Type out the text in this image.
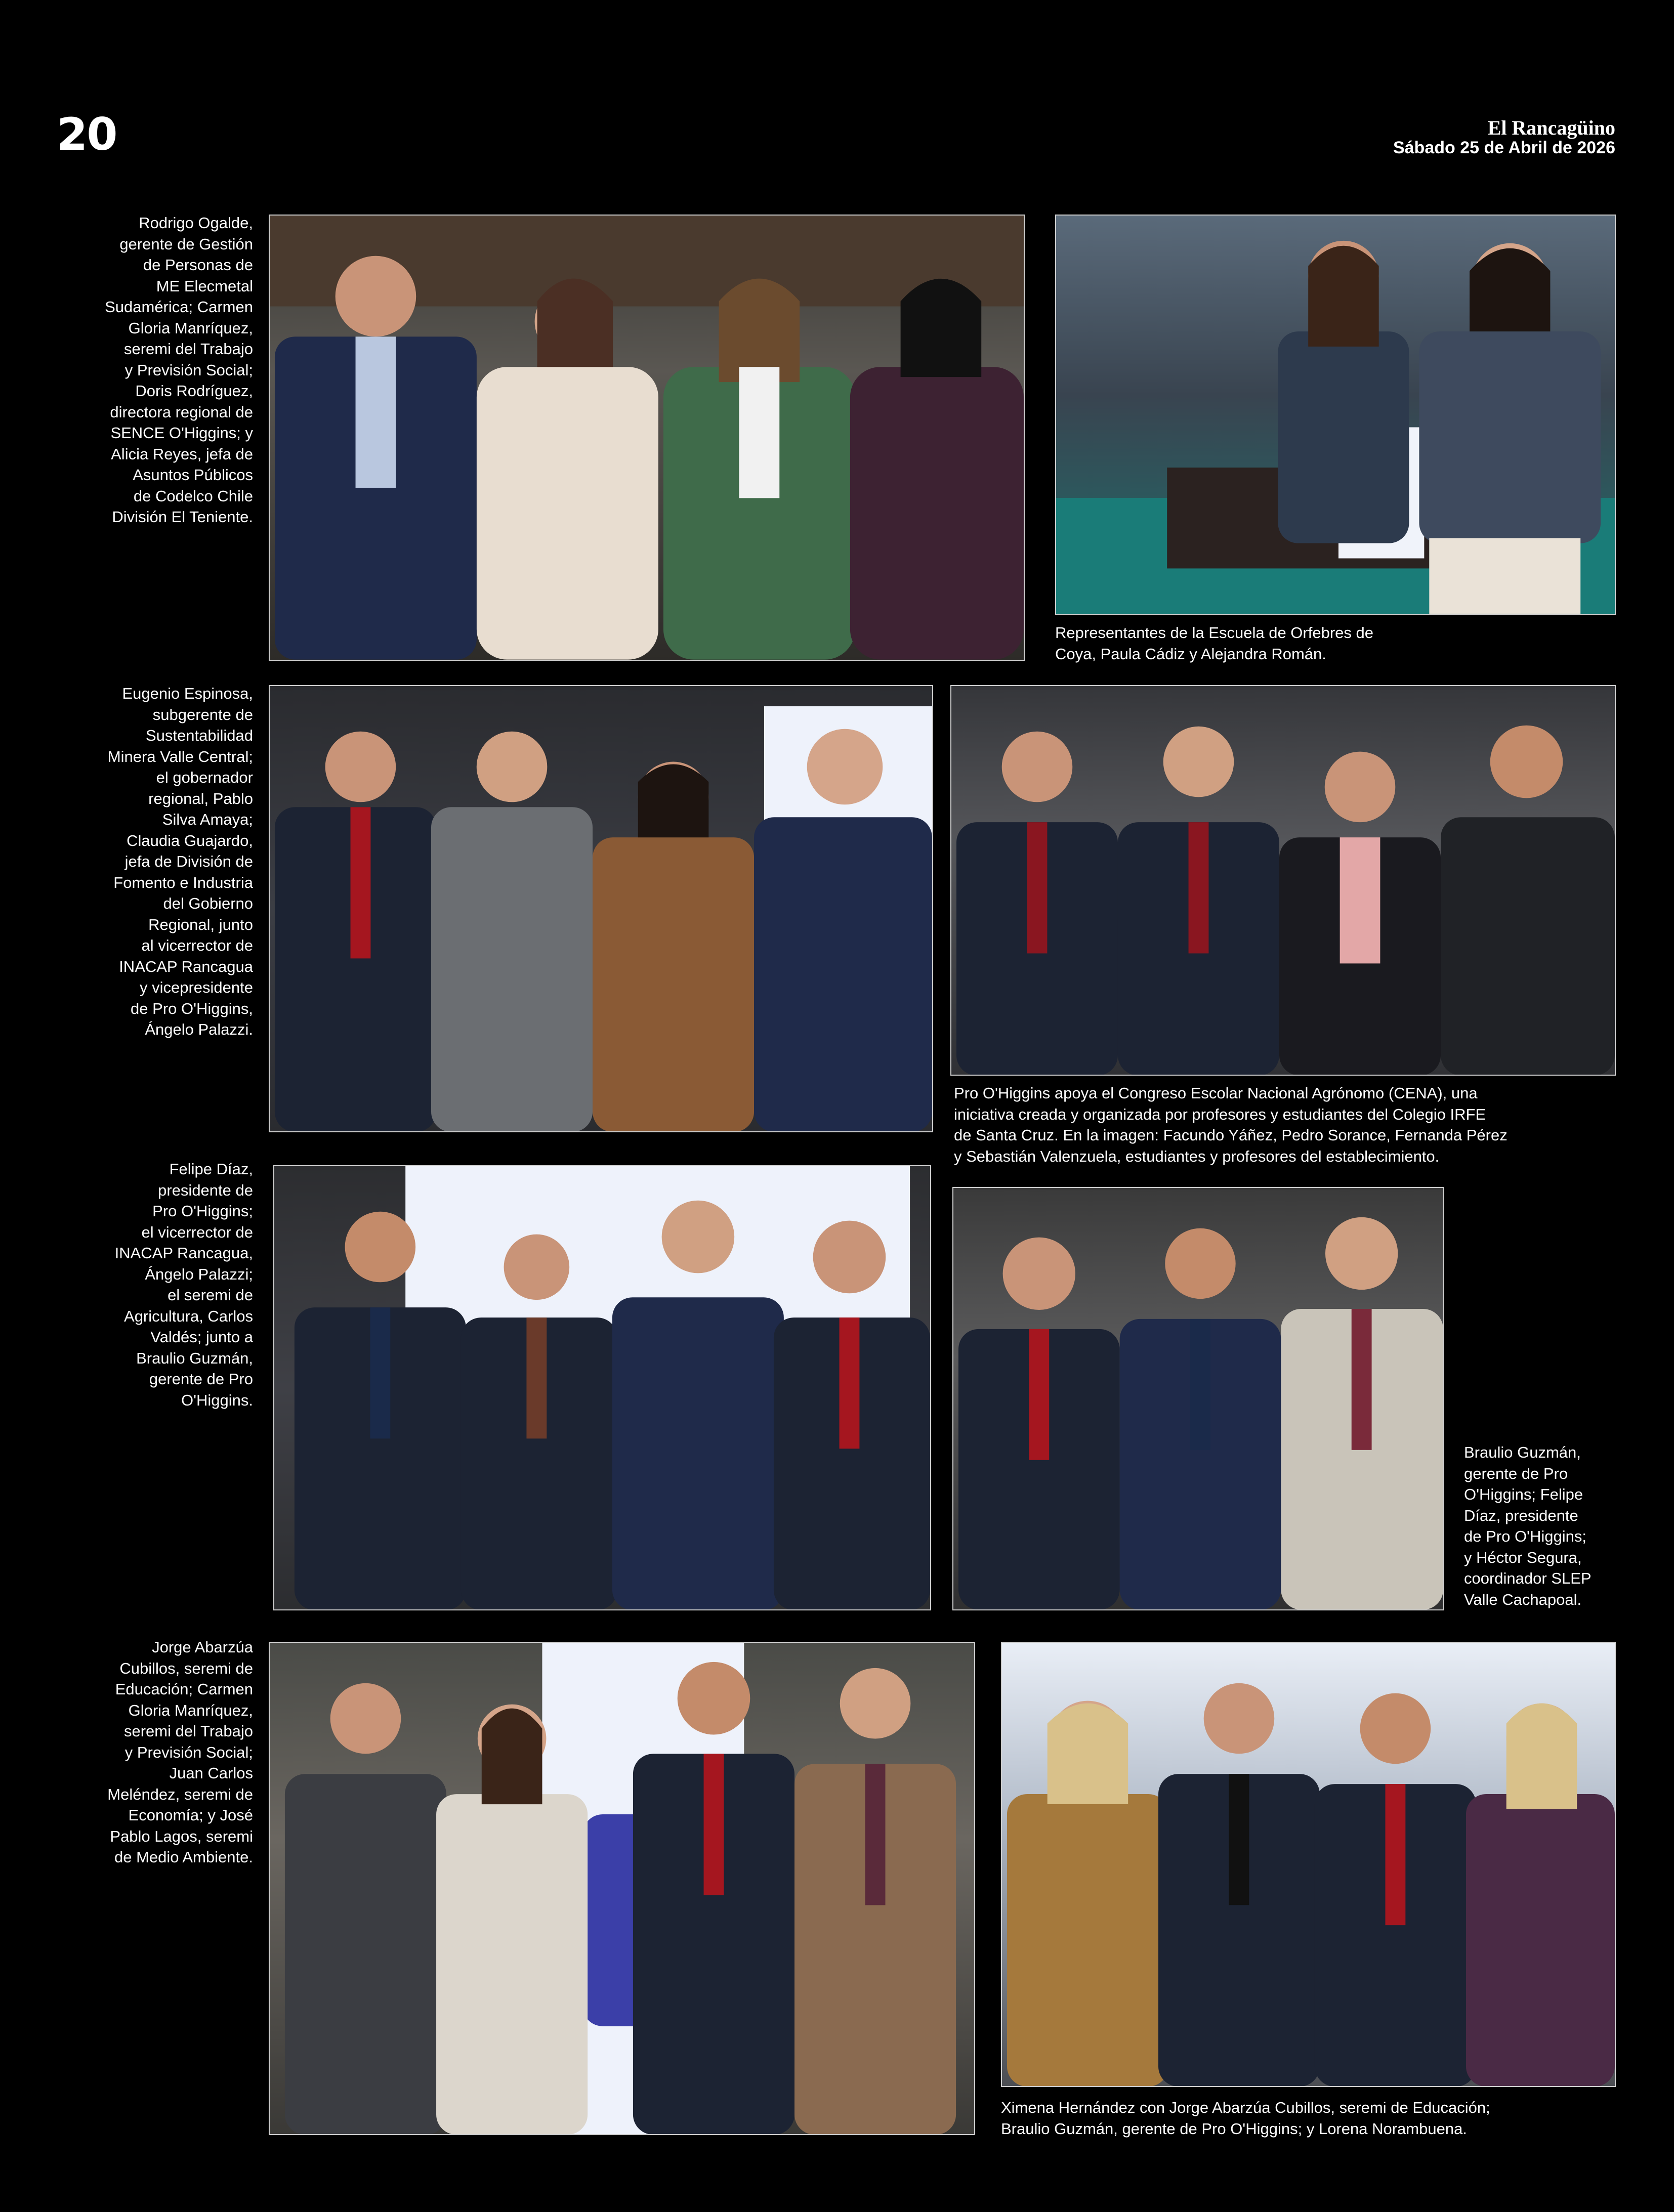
20	El Rancagüino
Sábado 25 de Abril de 2026
Rodrigo Ogalde,
gerente de Gestión
de Personas de
ME Elecmetal
Sudamérica; Carmen
Gloria Manríquez,
seremi del Trabajo
y Previsión Social;
Doris Rodríguez,
directora regional de
SENCE O'Higgins; y
Alicia Reyes, jefa de
Asuntos Públicos
de Codelco Chile
División El Teniente.
Representantes de la Escuela de Orfebres de
Coya, Paula Cádiz y Alejandra Román.
Eugenio Espinosa,
subgerente de
Sustentabilidad
Minera Valle Central;
el gobernador
regional, Pablo
Silva Amaya;
Claudia Guajardo,
jefa de División de
Fomento e Industria
del Gobierno
Regional, junto
al vicerrector de
INACAP Rancagua
y vicepresidente
de Pro O'Higgins,
Ángelo Palazzi.
Pro O'Higgins apoya el Congreso Escolar Nacional Agrónomo (CENA), una
iniciativa creada y organizada por profesores y estudiantes del Colegio IRFE
de Santa Cruz. En la imagen: Facundo Yáñez, Pedro Sorance, Fernanda Pérez
y Sebastián Valenzuela, estudiantes y profesores del establecimiento.
Felipe Díaz,
presidente de
Pro O'Higgins;
el vicerrector de
INACAP Rancagua,
Ángelo Palazzi;
el seremi de
Agricultura, Carlos
Valdés; junto a
Braulio Guzmán,
gerente de Pro
O'Higgins.
Braulio Guzmán,
gerente de Pro
O'Higgins; Felipe
Díaz, presidente
de Pro O'Higgins;
y Héctor Segura,
coordinador SLEP
Valle Cachapoal.
Jorge Abarzúa
Cubillos, seremi de
Educación; Carmen
Gloria Manríquez,
seremi del Trabajo
y Previsión Social;
Juan Carlos
Meléndez, seremi de
Economía; y José
Pablo Lagos, seremi
de Medio Ambiente.
Ximena Hernández con Jorge Abarzúa Cubillos, seremi de Educación;
Braulio Guzmán, gerente de Pro O'Higgins; y Lorena Norambuena.
